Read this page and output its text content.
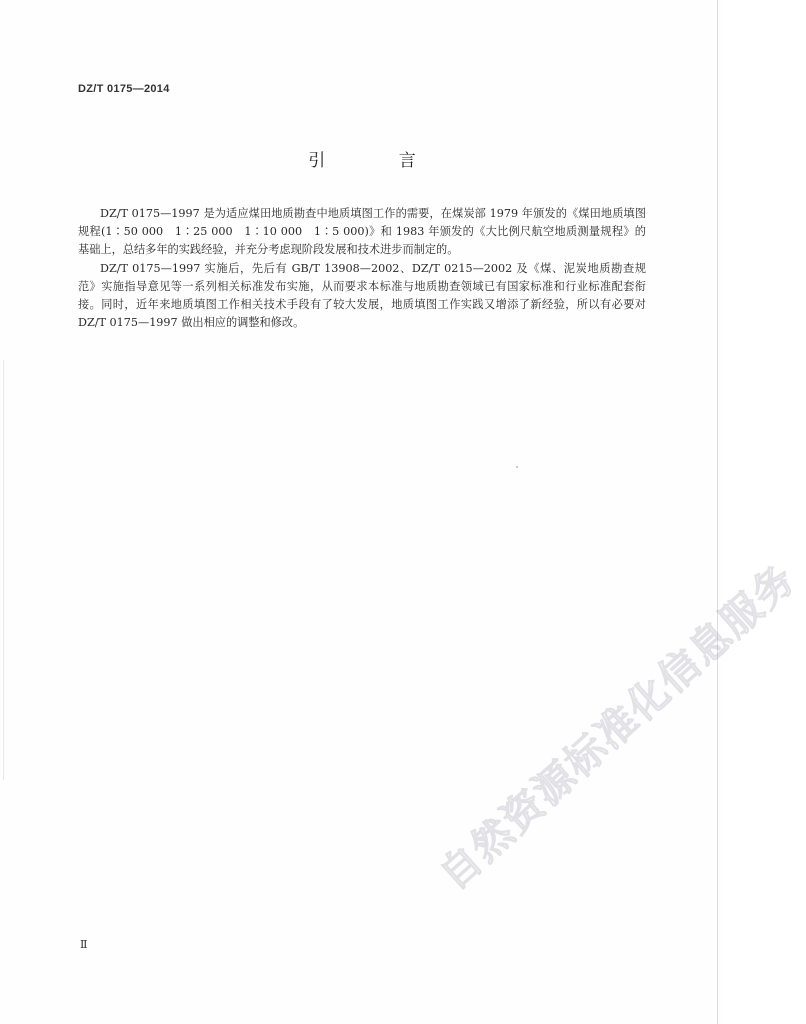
DZ/T 0175—2014
引 言

DZ/T 0175—1997 是为适应煤田地质勘查中地质填图工作的需要，在煤炭部 1979 年颁发的《煤田地质填图规程(1∶50 000　1∶25 000　1∶10 000　1∶5 000)》和 1983 年颁发的《大比例尺航空地质测量规程》的基础上，总结多年的实践经验，并充分考虑现阶段发展和技术进步而制定的。

DZ/T 0175—1997 实施后，先后有 GB/T 13908—2002、DZ/T 0215—2002 及《煤、泥炭地质勘查规范》实施指导意见等一系列相关标准发布实施，从而要求本标准与地质勘查领域已有国家标准和行业标准配套衔接。同时，近年来地质填图工作相关技术手段有了较大发展，地质填图工作实践又增添了新经验，所以有必要对 DZ/T 0175—1997 做出相应的调整和修改。

自然资源标准化信息服务
Ⅱ
